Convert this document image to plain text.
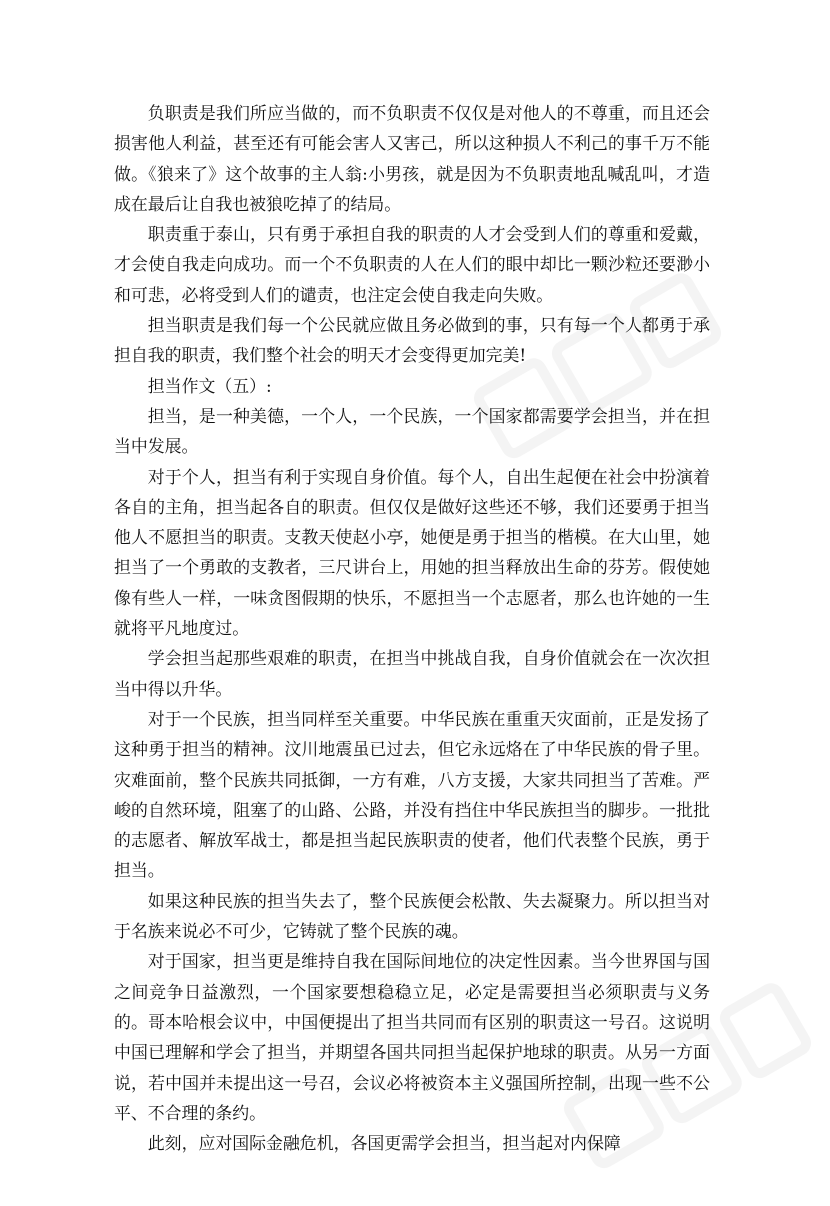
负职责是我们所应当做的，而不负职责不仅仅是对他人的不尊重，而且还会损害他人利益，甚至还有可能会害人又害己，所以这种损人不利己的事千万不能做。《狼来了》这个故事的主人翁:小男孩，就是因为不负职责地乱喊乱叫，才造成在最后让自我也被狼吃掉了的结局。

职责重于泰山，只有勇于承担自我的职责的人才会受到人们的尊重和爱戴，才会使自我走向成功。而一个不负职责的人在人们的眼中却比一颗沙粒还要渺小和可悲，必将受到人们的谴责，也注定会使自我走向失败。

担当职责是我们每一个公民就应做且务必做到的事，只有每一个人都勇于承担自我的职责，我们整个社会的明天才会变得更加完美!

担当作文（五）:

担当，是一种美德，一个人，一个民族，一个国家都需要学会担当，并在担当中发展。

对于个人，担当有利于实现自身价值。每个人，自出生起便在社会中扮演着各自的主角，担当起各自的职责。但仅仅是做好这些还不够，我们还要勇于担当他人不愿担当的职责。支教天使赵小亭，她便是勇于担当的楷模。在大山里，她担当了一个勇敢的支教者，三尺讲台上，用她的担当释放出生命的芬芳。假使她像有些人一样，一味贪图假期的快乐，不愿担当一个志愿者，那么也许她的一生就将平凡地度过。

学会担当起那些艰难的职责，在担当中挑战自我，自身价值就会在一次次担当中得以升华。

对于一个民族，担当同样至关重要。中华民族在重重天灾面前，正是发扬了这种勇于担当的精神。汶川地震虽已过去，但它永远烙在了中华民族的骨子里。灾难面前，整个民族共同抵御，一方有难，八方支援，大家共同担当了苦难。严峻的自然环境，阻塞了的山路、公路，并没有挡住中华民族担当的脚步。一批批的志愿者、解放军战士，都是担当起民族职责的使者，他们代表整个民族，勇于担当。

如果这种民族的担当失去了，整个民族便会松散、失去凝聚力。所以担当对于名族来说必不可少，它铸就了整个民族的魂。

对于国家，担当更是维持自我在国际间地位的决定性因素。当今世界国与国之间竞争日益激烈，一个国家要想稳稳立足，必定是需要担当必须职责与义务的。哥本哈根会议中，中国便提出了担当共同而有区别的职责这一号召。这说明中国已理解和学会了担当，并期望各国共同担当起保护地球的职责。从另一方面说，若中国并未提出这一号召，会议必将被资本主义强国所控制，出现一些不公平、不合理的条约。

此刻，应对国际金融危机，各国更需学会担当，担当起对内保障
